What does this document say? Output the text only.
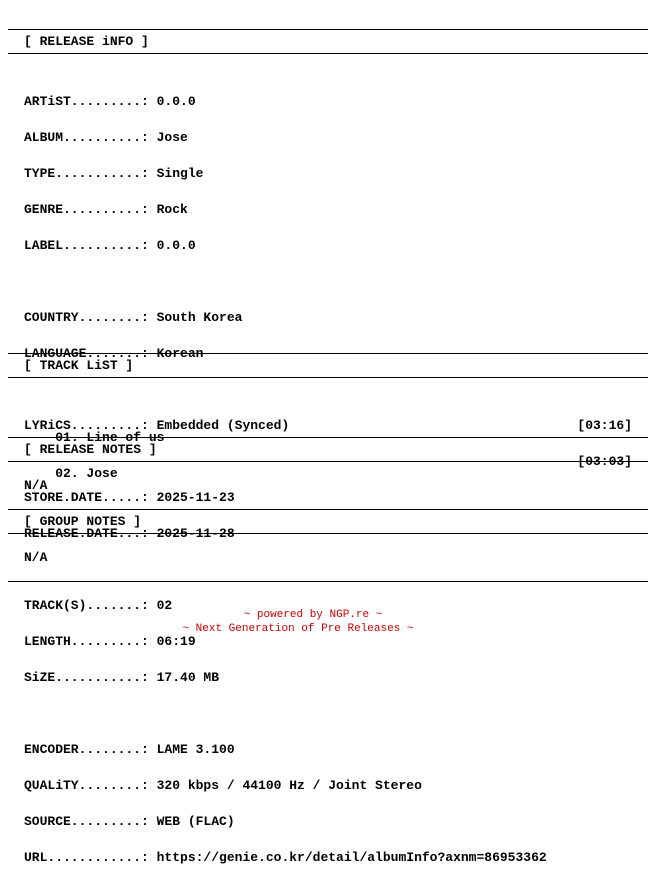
[ RELEASE iNFO ]

ARTiST.........: 0.0.0

ALBUM..........: Jose

TYPE...........: Single

GENRE..........: Rock

LABEL..........: 0.0.0

COUNTRY........: South Korea

LANGUAGE.......: Korean

LYRiCS.........: Embedded (Synced)

STORE.DATE.....: 2025-11-23

RELEASE.DATE...: 2025-11-28

TRACK(S).......: 02

LENGTH.........: 06:19

SiZE...........: 17.40 MB

ENCODER........: LAME 3.100

QUALiTY........: 320 kbps / 44100 Hz / Joint Stereo

SOURCE.........: WEB (FLAC)

URL............: https://genie.co.kr/detail/albumInfo?axnm=86953362

[ TRACK LiST ]

01. Line of us

[03:16]

02. Jose

[03:03]

[ RELEASE NOTES ]
N/A
[ GROUP NOTES ]
N/A
~ powered by NGP.re ~
~ Next Generation of Pre Releases ~
